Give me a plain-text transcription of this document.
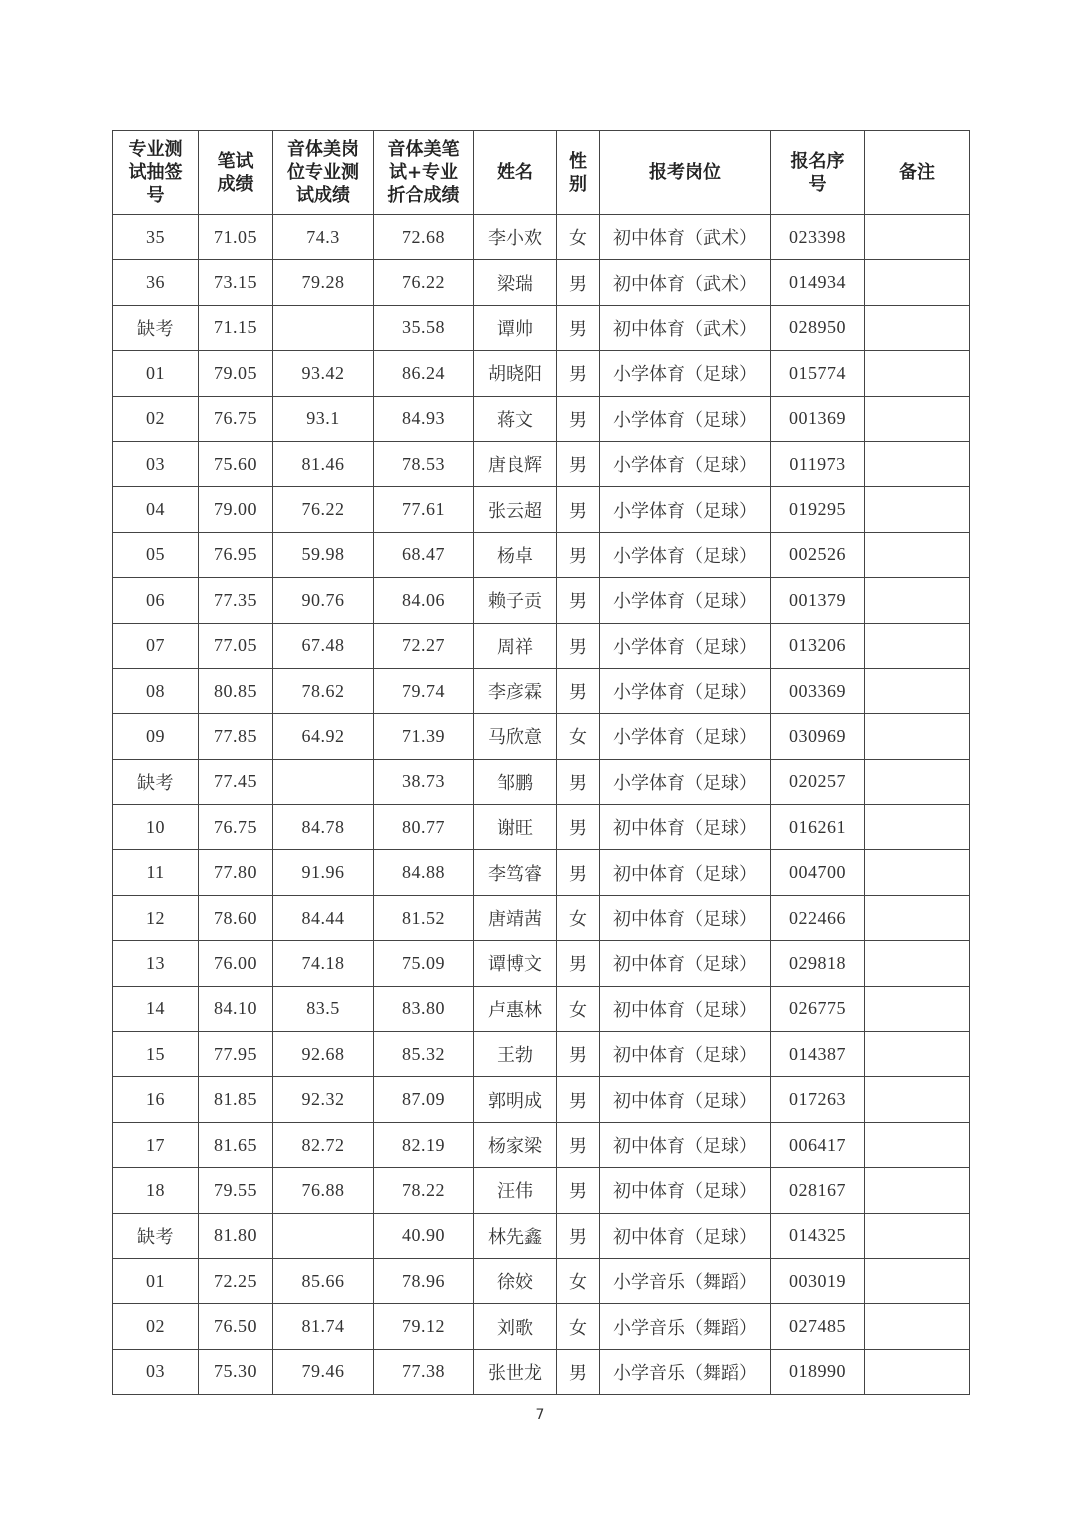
专业测试抽签号	笔试成绩	音体美岗位专业测试成绩	音体美笔试+专业折合成绩	姓名	性别	报考岗位	报名序号	备注
35	71.05	74.3	72.68	李小欢	女	初中体育（武术）	023398	
36	73.15	79.28	76.22	梁瑞	男	初中体育（武术）	014934	
缺考	71.15		35.58	谭帅	男	初中体育（武术）	028950	
01	79.05	93.42	86.24	胡晓阳	男	小学体育（足球）	015774	
02	76.75	93.1	84.93	蒋文	男	小学体育（足球）	001369	
03	75.60	81.46	78.53	唐良辉	男	小学体育（足球）	011973	
04	79.00	76.22	77.61	张云超	男	小学体育（足球）	019295	
05	76.95	59.98	68.47	杨卓	男	小学体育（足球）	002526	
06	77.35	90.76	84.06	赖子贡	男	小学体育（足球）	001379	
07	77.05	67.48	72.27	周祥	男	小学体育（足球）	013206	
08	80.85	78.62	79.74	李彦霖	男	小学体育（足球）	003369	
09	77.85	64.92	71.39	马欣意	女	小学体育（足球）	030969	
缺考	77.45		38.73	邹鹏	男	小学体育（足球）	020257	
10	76.75	84.78	80.77	谢旺	男	初中体育（足球）	016261	
11	77.80	91.96	84.88	李笃睿	男	初中体育（足球）	004700	
12	78.60	84.44	81.52	唐靖茜	女	初中体育（足球）	022466	
13	76.00	74.18	75.09	谭博文	男	初中体育（足球）	029818	
14	84.10	83.5	83.80	卢惠林	女	初中体育（足球）	026775	
15	77.95	92.68	85.32	王勃	男	初中体育（足球）	014387	
16	81.85	92.32	87.09	郭明成	男	初中体育（足球）	017263	
17	81.65	82.72	82.19	杨家梁	男	初中体育（足球）	006417	
18	79.55	76.88	78.22	汪伟	男	初中体育（足球）	028167	
缺考	81.80		40.90	林先鑫	男	初中体育（足球）	014325	
01	72.25	85.66	78.96	徐姣	女	小学音乐（舞蹈）	003019	
02	76.50	81.74	79.12	刘歌	女	小学音乐（舞蹈）	027485	
03	75.30	79.46	77.38	张世龙	男	小学音乐（舞蹈）	018990	
7
